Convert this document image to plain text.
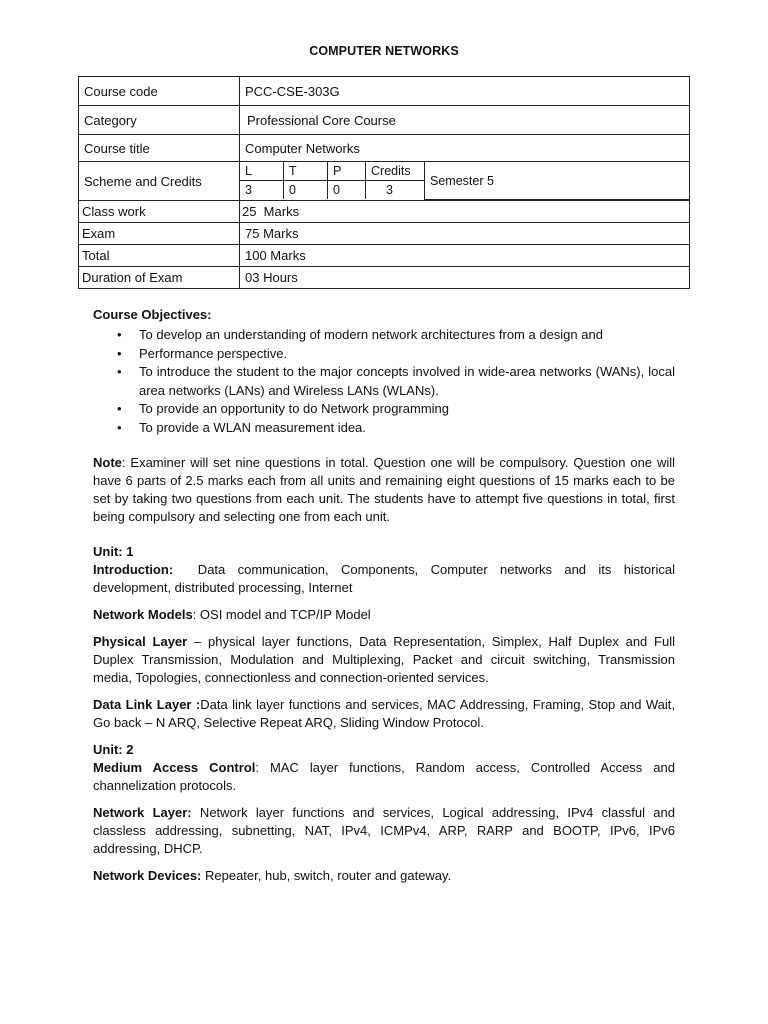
COMPUTER NETWORKS
Course code	PCC-CSE-303G
Category	Professional Core Course
Course title	Computer Networks
Scheme and Credits	
L	T	P	Credits	Semester 5
3	0	0	3

Class work	25  Marks
Exam	75 Marks
Total	100 Marks
Duration of Exam	03 Hours

Course Objectives:

• To develop an understanding of modern network architectures from a design and
• Performance perspective.
• To introduce the student to the major concepts involved in wide-area networks (WANs), local area networks (LANs) and Wireless LANs (WLANs).
• To provide an opportunity to do Network programming
• To provide a WLAN measurement idea.

Note: Examiner will set nine questions in total. Question one will be compulsory. Question one will have 6 parts of 2.5 marks each from all units and remaining eight questions of 15 marks each to be set by taking two questions from each unit. The students have to attempt five questions in total, first being compulsory and selecting one from each unit.

Unit: 1

Introduction:  Data communication, Components, Computer networks and its historical development, distributed processing, Internet

Network Models: OSI model and TCP/IP Model

Physical Layer – physical layer functions, Data Representation, Simplex, Half Duplex and Full Duplex Transmission, Modulation and Multiplexing, Packet and circuit switching, Transmission media, Topologies, connectionless and connection-oriented services.

Data Link Layer :Data link layer functions and services, MAC Addressing, Framing, Stop and Wait, Go back – N ARQ, Selective Repeat ARQ, Sliding Window Protocol.

Unit: 2

Medium Access Control: MAC layer functions, Random access, Controlled Access and channelization protocols.

Network Layer: Network layer functions and services, Logical addressing, IPv4 classful and classless addressing, subnetting, NAT, IPv4, ICMPv4, ARP, RARP and BOOTP, IPv6, IPv6 addressing, DHCP.

Network Devices: Repeater, hub, switch, router and gateway.
